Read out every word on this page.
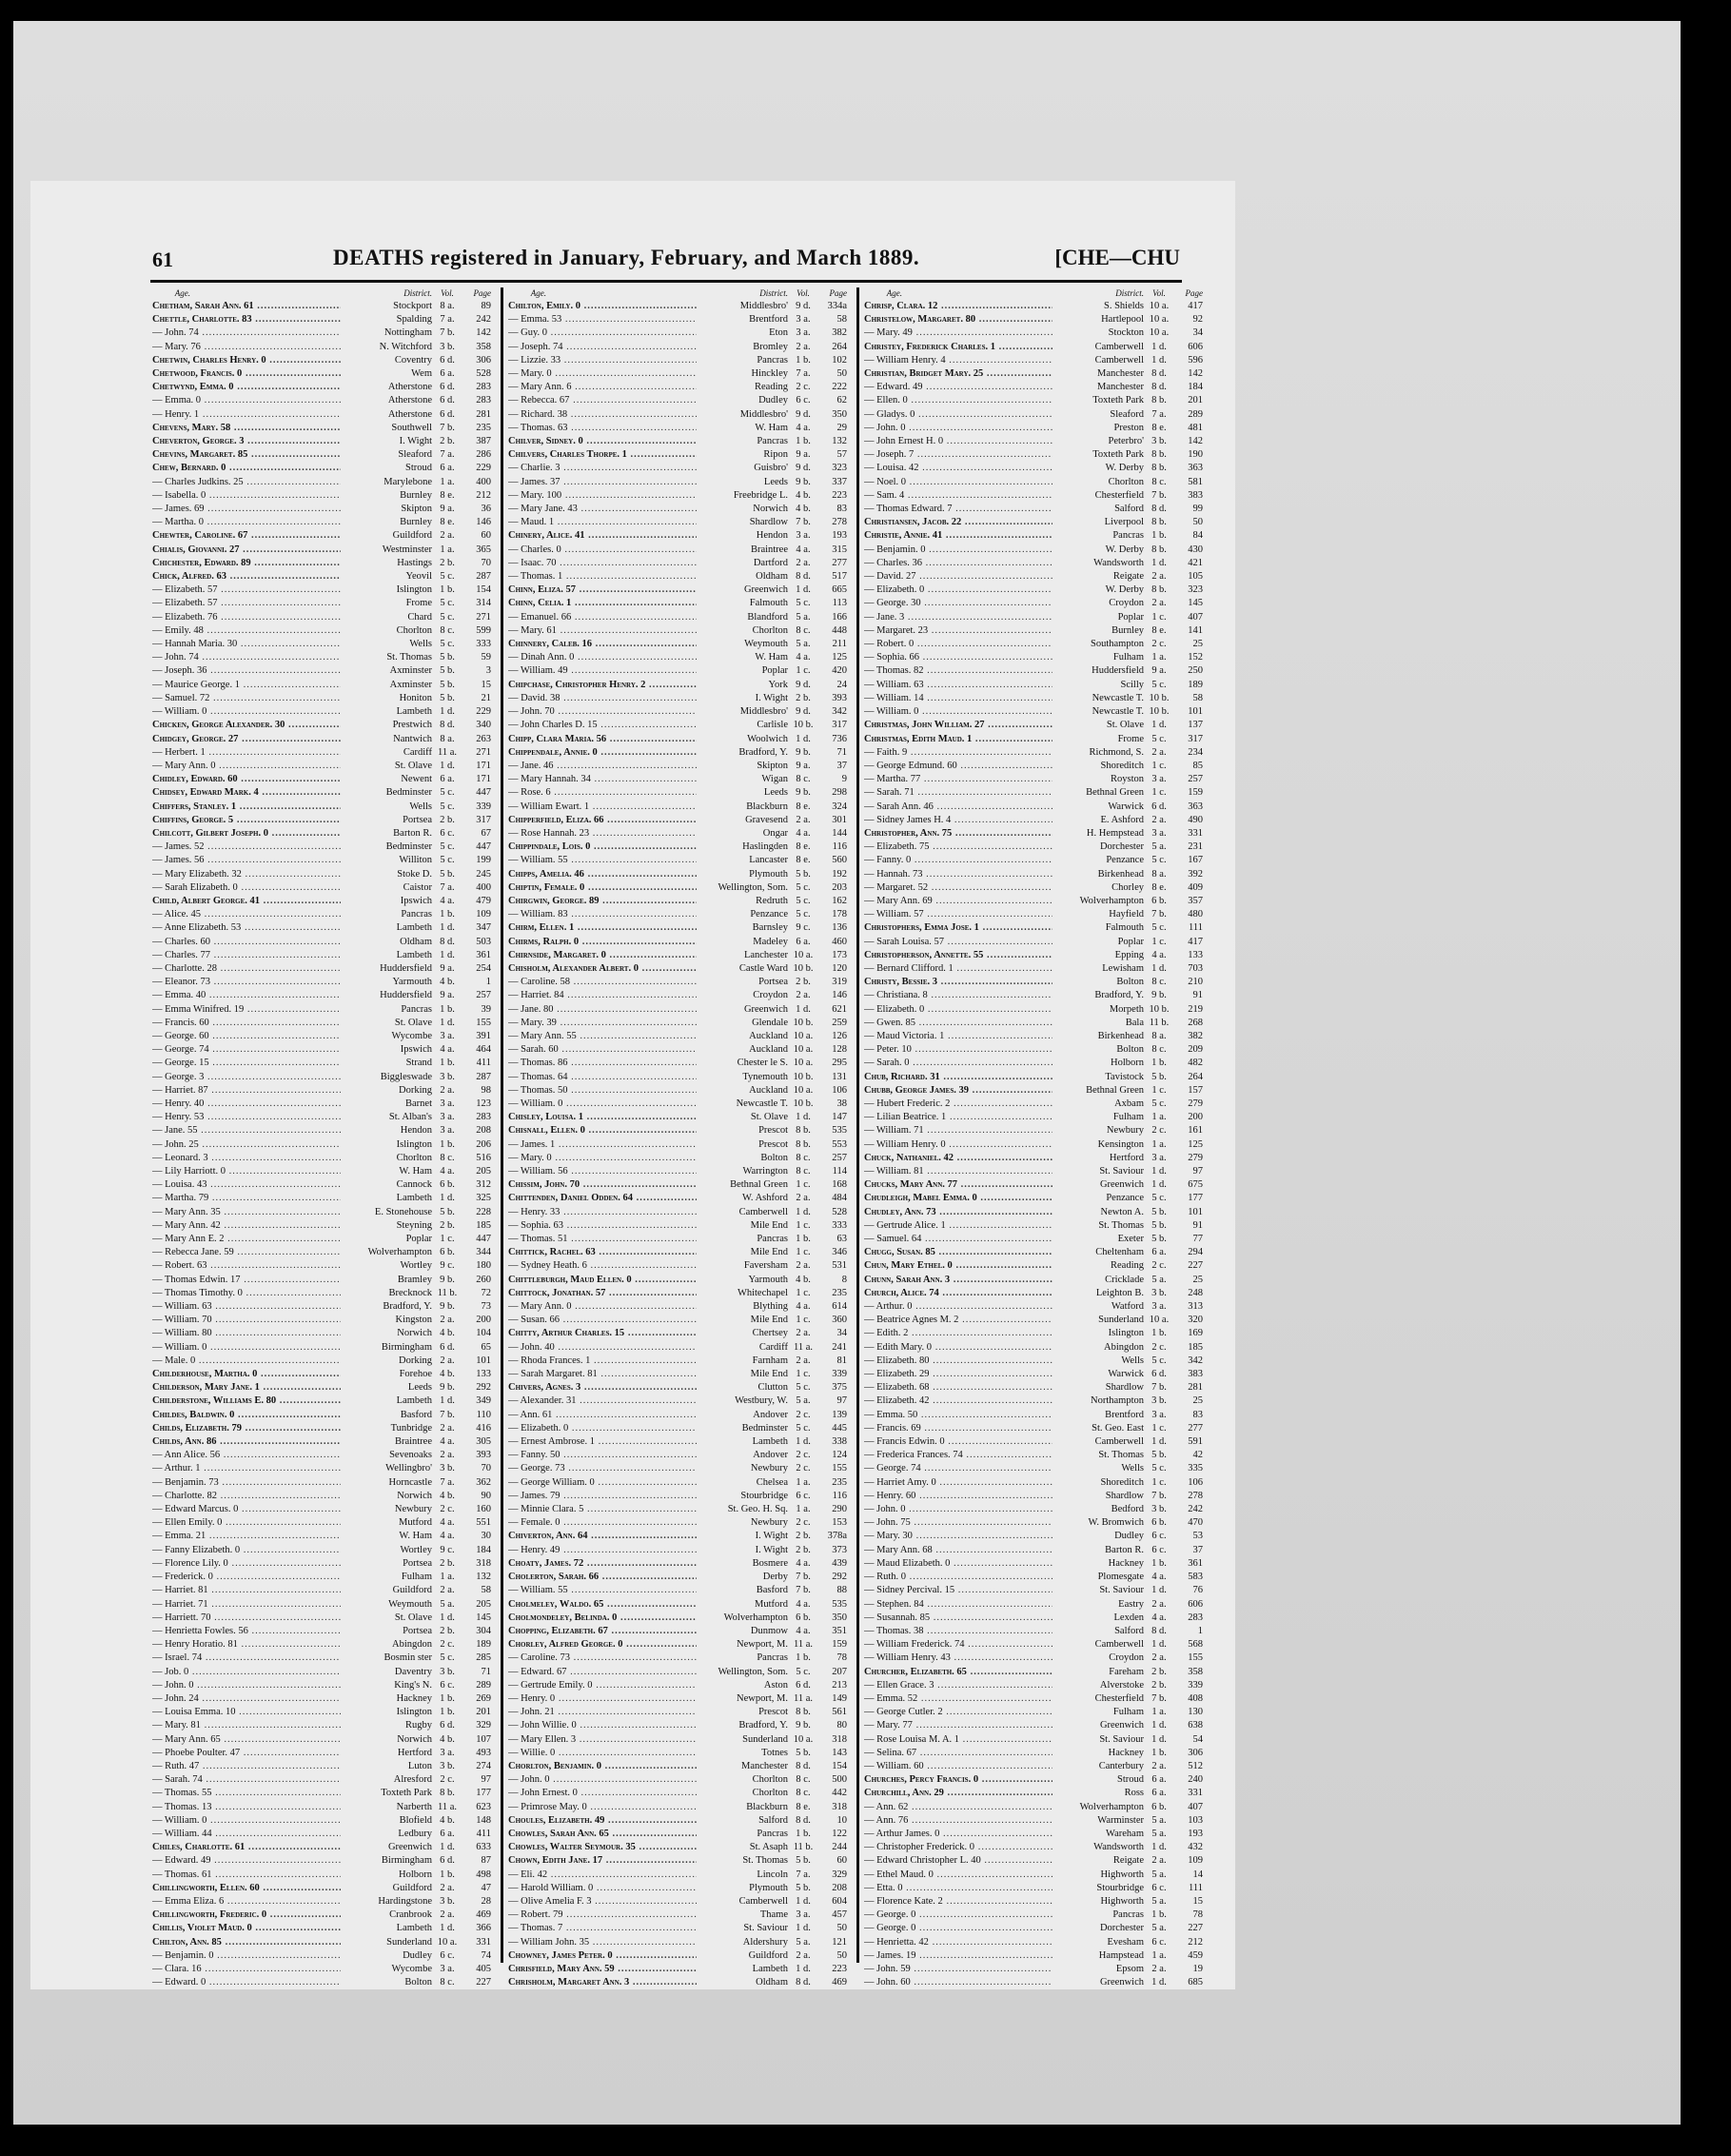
61	DEATHS registered in January, February, and March 1889.	[CHE—CHU
Age.	District.	Vol.	Page
Chetham, Sarah Ann. 61 .....	Stockport 8 a.	89
Chettle, Charlotte. 83 .....	Spalding 7 a.	242
— John. 74 .....	Nottingham 7 b.	142
— Mary. 76 .....	N. Witchford 3 b.	358
Chetwin, Charles Henry. 0 .....	Coventry 6 d.	306
Chetwood, Francis. 0 .....	Wem 6 a.	528
Chetwynd, Emma. 0 .....	Atherstone 6 d.	283
— Emma. 0 .....	Atherstone 6 d.	283
— Henry. 1 .....	Atherstone 6 d.	281
Chevens, Mary. 58 .....	Southwell 7 b.	235
Cheverton, George. 3 .....	I. Wight 2 b.	387
Chevins, Margaret. 85 .....	Sleaford 7 a.	286
Chew, Bernard. 0 .....	Stroud 6 a.	229
— Charles Judkins. 25 .....	Marylebone 1 a.	400
— Isabella. 0 .....	Burnley 8 e.	212
— James. 69 .....	Skipton 9 a.	36
— Martha. 0 .....	Burnley 8 e.	146
Chewter, Caroline. 67 .....	Guildford 2 a.	60
Chialis, Giovanni. 27 .....	Westminster 1 a.	365
Chichester, Edward. 89 .....	Hastings 2 b.	70
Chick, Alfred. 63 .....	Yeovil 5 c.	287
— Elizabeth. 57 .....	Islington 1 b.	154
— Elizabeth. 57 .....	Frome 5 c.	314
— Elizabeth. 76 .....	Chard 5 c.	271
— Emily. 48 .....	Chorlton 8 c.	599
— Hannah Maria. 30 .....	Wells 5 c.	333
— John. 74 .....	St. Thomas 5 b.	59
— Joseph. 36 .....	Axminster 5 b.	3
— Maurice George. 1 .....	Axminster 5 b.	15
— Samuel. 72 .....	Honiton 5 b.	21
— William. 0 .....	Lambeth 1 d.	229
Chicken, George Alexander. 30 .....	Prestwich 8 d.	340
Chidgey, George. 27 .....	Nantwich 8 a.	263
— Herbert. 1 .....	Cardiff 11 a.	271
— Mary Ann. 0 .....	St. Olave 1 d.	171
Chidley, Edward. 60 .....	Newent 6 a.	171
Chidsey, Edward Mark. 4 .....	Bedminster 5 c.	447
Chiffers, Stanley. 1 .....	Wells 5 c.	339
Chiffins, George. 5 .....	Portsea 2 b.	317
Chilcott, Gilbert Joseph. 0 .....	Barton R. 6 c.	67
— James. 52 .....	Bedminster 5 c.	447
— James. 56 .....	Williton 5 c.	199
— Mary Elizabeth. 32 .....	Stoke D. 5 b.	245
— Sarah Elizabeth. 0 .....	Caistor 7 a.	400
Child, Albert George. 41 .....	Ipswich 4 a.	479
— Alice. 45 .....	Pancras 1 b.	109
— Anne Elizabeth. 53 .....	Lambeth 1 d.	347
— Charles. 60 .....	Oldham 8 d.	503
— Charles. 77 .....	Lambeth 1 d.	361
— Charlotte. 28 .....	Huddersfield 9 a.	254
— Eleanor. 73 .....	Yarmouth 4 b.	1
— Emma. 40 .....	Huddersfield 9 a.	257
— Emma Winifred. 19 .....	Pancras 1 b.	39
— Francis. 60 .....	St. Olave 1 d.	155
— George. 60 .....	Wycombe 3 a.	391
— George. 74 .....	Ipswich 4 a.	464
— George. 15 .....	Strand 1 b.	411
— George. 3 .....	Biggleswade 3 b.	287
— Harriet. 87 .....	Dorking 2 a.	98
— Henry. 40 .....	Barnet 3 a.	123
— Henry. 53 .....	St. Alban's 3 a.	283
— Jane. 55 .....	Hendon 3 a.	208
— John. 25 .....	Islington 1 b.	206
— Leonard. 3 .....	Chorlton 8 c.	516
— Lily Harriott. 0 .....	W. Ham 4 a.	205
— Louisa. 43 .....	Cannock 6 b.	312
— Martha. 79 .....	Lambeth 1 d.	325
— Mary Ann. 35 .....	E. Stonehouse 5 b.	228
— Mary Ann. 42 .....	Steyning 2 b.	185
— Mary Ann E. 2 .....	Poplar 1 c.	447
— Rebecca Jane. 59 .....	Wolverhampton 6 b.	344
— Robert. 63 .....	Wortley 9 c.	180
— Thomas Edwin. 17 .....	Bramley 9 b.	260
— Thomas Timothy. 0 .....	Brecknock 11 b.	72
— William. 63 .....	Bradford, Y. 9 b.	73
— William. 70 .....	Kingston 2 a.	200
— William. 80 .....	Norwich 4 b.	104
— William. 0 .....	Birmingham 6 d.	65
— Male. 0 .....	Dorking 2 a.	101
Childerhouse, Martha. 0 .....	Forehoe 4 b.	133
Childerson, Mary Jane. 1 .....	Leeds 9 b.	292
Childerstone, Williams E. 80 .....	Lambeth 1 d.	349
Childes, Baldwin. 0 .....	Basford 7 b.	110
Childs, Elizabeth. 79 .....	Tunbridge 2 a.	416
Childs, Ann. 86 .....	Braintree 4 a.	305
— Ann Alice. 56 .....	Sevenoaks 2 a.	393
— Arthur. 1 .....	Wellingbro' 3 b.	70
— Benjamin. 73 .....	Horncastle 7 a.	362
— Charlotte. 82 .....	Norwich 4 b.	90
— Edward Marcus. 0 .....	Newbury 2 c.	160
— Ellen Emily. 0 .....	Mutford 4 a.	551
— Emma. 21 .....	W. Ham 4 a.	30
— Fanny Elizabeth. 0 .....	Wortley 9 c.	184
— Florence Lily. 0 .....	Portsea 2 b.	318
— Frederick. 0 .....	Fulham 1 a.	132
— Harriet. 81 .....	Guildford 2 a.	58
— Harriet. 71 .....	Weymouth 5 a.	205
— Harriett. 70 .....	St. Olave 1 d.	145
— Henrietta Fowles. 56 .....	Portsea 2 b.	304
— Henry Horatio. 81 .....	Abingdon 2 c.	189
— Israel. 74 .....	Bosmin ster 5 c.	285
— Job. 0 .....	Daventry 3 b.	71
— John. 0 .....	King's N. 6 c.	289
— John. 24 .....	Hackney 1 b.	269
— Louisa Emma. 10 .....	Islington 1 b.	201
— Mary. 81 .....	Rugby 6 d.	329
— Mary Ann. 65 .....	Norwich 4 b.	107
— Phoebe Poulter. 47 .....	Hertford 3 a.	493
— Ruth. 47 .....	Luton 3 b.	274
— Sarah. 74 .....	Alresford 2 c.	97
— Thomas. 55 .....	Toxteth Park 8 b.	177
— Thomas. 13 .....	Narberth 11 a.	623
— William. 0 .....	Blofield 4 b.	148
— William. 44 .....	Ledbury 6 a.	411
Chiles, Charlotte. 61 .....	Greenwich 1 d.	633
— Edward. 49 .....	Birmingham 6 d.	87
— Thomas. 61 .....	Holborn 1 b.	498
Chillingworth, Ellen. 60 .....	Guildford 2 a.	47
— Emma Eliza. 6 .....	Hardingstone 3 b.	28
Chillingworth, Frederic. 0 .....	Cranbrook 2 a.	469
Chillis, Violet Maud. 0 .....	Lambeth 1 d.	366
Chilton, Ann. 85 .....	Sunderland 10 a.	331
— Benjamin. 0 .....	Dudley 6 c.	74
— Clara. 16 .....	Wycombe 3 a.	405
— Edward. 0 .....	Bolton 8 c.	227
Age.	District.	Vol.	Page
Chilton, Emily. 0 .....	Middlesbro' 9 d.	334a
— Emma. 53 .....	Brentford 3 a.	58
— Guy. 0 .....	Eton 3 a.	382
— Joseph. 74 .....	Bromley 2 a.	264
— Lizzie. 33 .....	Pancras 1 b.	102
— Mary. 0 .....	Hinckley 7 a.	50
— Mary Ann. 6 .....	Reading 2 c.	222
— Rebecca. 67 .....	Dudley 6 c.	62
— Richard. 38 .....	Middlesbro' 9 d.	350
— Thomas. 63 .....	W. Ham 4 a.	29
Chilver, Sidney. 0 .....	Pancras 1 b.	132
Chilvers, Charles Thorpe. 1 .....	Ripon 9 a.	57
— Charlie. 3 .....	Guisbro' 9 d.	323
— James. 37 .....	Leeds 9 b.	337
— Mary. 100 .....	Freebridge L. 4 b.	223
— Mary Jane. 43 .....	Norwich 4 b.	83
— Maud. 1 .....	Shardlow 7 b.	278
Chinery, Alice. 41 .....	Hendon 3 a.	193
— Charles. 0 .....	Braintree 4 a.	315
— Isaac. 70 .....	Dartford 2 a.	277
— Thomas. 1 .....	Oldham 8 d.	517
Chinn, Eliza. 57 .....	Greenwich 1 d.	665
Chinn, Celia. 1 .....	Falmouth 5 c.	113
— Emanuel. 66 .....	Blandford 5 a.	166
— Mary. 61 .....	Chorlton 8 c.	448
Chinnery, Caleb. 16 .....	Weymouth 5 a.	211
— Dinah Ann. 0 .....	W. Ham 4 a.	125
— William. 49 .....	Poplar 1 c.	420
Chipchase, Christopher Henry. 2 .....	York 9 d.	24
— David. 38 .....	I. Wight 2 b.	393
— John. 70 .....	Middlesbro' 9 d.	342
— John Charles D. 15 .....	Carlisle 10 b.	317
Chipp, Clara Maria. 56 .....	Woolwich 1 d.	736
Chippendale, Annie. 0 .....	Bradford, Y. 9 b.	71
— Jane. 46 .....	Skipton 9 a.	37
— Mary Hannah. 34 .....	Wigan 8 c.	9
— Rose. 6 .....	Leeds 9 b.	298
— William Ewart. 1 .....	Blackburn 8 e.	324
Chipperfield, Eliza. 66 .....	Gravesend 2 a.	301
— Rose Hannah. 23 .....	Ongar 4 a.	144
Chippindale, Lois. 0 .....	Haslingden 8 e.	116
— William. 55 .....	Lancaster 8 e.	560
Chipps, Amelia. 46 .....	Plymouth 5 b.	192
Chiptin, Female. 0 .....	Wellington, Som. 5 c.	203
Chirgwin, George. 89 .....	Redruth 5 c.	162
— William. 83 .....	Penzance 5 c.	178
Chirm, Ellen. 1 .....	Barnsley 9 c.	136
Chirms, Ralph. 0 .....	Madeley 6 a.	460
Chirnside, Margaret. 0 .....	Lanchester 10 a.	173
Chisholm, Alexander Albert. 0 .....	Castle Ward 10 b.	120
— Caroline. 58 .....	Portsea 2 b.	319
— Harriet. 84 .....	Croydon 2 a.	146
— Jane. 80 .....	Greenwich 1 d.	621
— Mary. 39 .....	Glendale 10 b.	259
— Mary Ann. 55 .....	Auckland 10 a.	126
— Sarah. 60 .....	Auckland 10 a.	128
— Thomas. 86 .....	Chester le S. 10 a.	295
— Thomas. 64 .....	Tynemouth 10 b.	131
— Thomas. 50 .....	Auckland 10 a.	106
— William. 0 .....	Newcastle T. 10 b.	38
Chisley, Louisa. 1 .....	St. Olave 1 d.	147
Chisnall, Ellen. 0 .....	Prescot 8 b.	535
— James. 1 .....	Prescot 8 b.	553
— Mary. 0 .....	Bolton 8 c.	257
— William. 56 .....	Warrington 8 c.	114
Chissim, John. 70 .....	Bethnal Green 1 c.	168
Chittenden, Daniel Odden. 64 .....	W. Ashford 2 a.	484
— Henry. 33 .....	Camberwell 1 d.	528
— Sophia. 63 .....	Mile End 1 c.	333
— Thomas. 51 .....	Pancras 1 b.	63
Chittick, Rachel. 63 .....	Mile End 1 c.	346
— Sydney Heath. 6 .....	Faversham 2 a.	531
Chittleburgh, Maud Ellen. 0 .....	Yarmouth 4 b.	8
Chittock, Jonathan. 57 .....	Whitechapel 1 c.	235
— Mary Ann. 0 .....	Blything 4 a.	614
— Susan. 66 .....	Mile End 1 c.	360
Chitty, Arthur Charles. 15 .....	Chertsey 2 a.	34
— John. 40 .....	Cardiff 11 a.	241
— Rhoda Frances. 1 .....	Farnham 2 a.	81
— Sarah Margaret. 81 .....	Mile End 1 c.	339
Chivers, Agnes. 3 .....	Clutton 5 c.	375
— Alexander. 31 .....	Westbury, W. 5 a.	97
— Ann. 61 .....	Andover 2 c.	139
— Elizabeth. 0 .....	Bedminster 5 c.	445
— Ernest Ambrose. 1 .....	Lambeth 1 d.	338
— Fanny. 50 .....	Andover 2 c.	124
— George. 73 .....	Newbury 2 c.	155
— George William. 0 .....	Chelsea 1 a.	235
— James. 79 .....	Stourbridge 6 c.	116
— Minnie Clara. 5 .....	St. Geo. H. Sq. 1 a.	290
— Female. 0 .....	Newbury 2 c.	153
Chiverton, Ann. 64 .....	I. Wight 2 b.	378a
— Henry. 49 .....	I. Wight 2 b.	373
Choaty, James. 72 .....	Bosmere 4 a.	439
Cholerton, Sarah. 66 .....	Derby 7 b.	292
— William. 55 .....	Basford 7 b.	88
Cholmeley, Waldo. 65 .....	Mutford 4 a.	535
Cholmondeley, Belinda. 0 .....	Wolverhampton 6 b.	350
Chopping, Elizabeth. 67 .....	Dunmow 4 a.	351
Chorley, Alfred George. 0 .....	Newport, M. 11 a.	159
— Caroline. 73 .....	Pancras 1 b.	78
— Edward. 67 .....	Wellington, Som. 5 c.	207
— Gertrude Emily. 0 .....	Aston 6 d.	213
— Henry. 0 .....	Newport, M. 11 a.	149
— John. 21 .....	Prescot 8 b.	561
— John Willie. 0 .....	Bradford, Y. 9 b.	80
— Mary Ellen. 3 .....	Sunderland 10 a.	318
— Willie. 0 .....	Totnes 5 b.	143
Chorlton, Benjamin. 0 .....	Manchester 8 d.	154
— John. 0 .....	Chorlton 8 c.	500
— John Ernest. 0 .....	Chorlton 8 c.	442
— Primrose May. 0 .....	Blackburn 8 e.	318
Choules, Elizabeth. 49 .....	Salford 8 d.	10
Chowles, Sarah Ann. 65 .....	Pancras 1 b.	122
Chowles, Walter Seymour. 35 .....	St. Asaph 11 b.	244
Chown, Edith Jane. 17 .....	St. Thomas 5 b.	60
— Eli. 42 .....	Lincoln 7 a.	329
— Harold William. 0 .....	Plymouth 5 b.	208
— Olive Amelia F. 3 .....	Camberwell 1 d.	604
— Robert. 79 .....	Thame 3 a.	457
— Thomas. 7 .....	St. Saviour 1 d.	50
— William John. 35 .....	Aldershury 5 a.	121
Chowney, James Peter. 0 .....	Guildford 2 a.	50
Chrisfield, Mary Ann. 59 .....	Lambeth 1 d.	223
Chrisholm, Margaret Ann. 3 .....	Oldham 8 d.	469
Age.	District.	Vol.	Page
Chrisp, Clara. 12 .....	S. Shields 10 a.	417
Christelow, Margaret. 80 .....	Hartlepool 10 a.	92
— Mary. 49 .....	Stockton 10 a.	34
Christey, Frederick Charles. 1 .....	Camberwell 1 d.	606
— William Henry. 4 .....	Camberwell 1 d.	596
Christian, Bridget Mary. 25 .....	Manchester 8 d.	142
— Edward. 49 .....	Manchester 8 d.	184
— Ellen. 0 .....	Toxteth Park 8 b.	201
— Gladys. 0 .....	Sleaford 7 a.	289
— John. 0 .....	Preston 8 e.	481
— John Ernest H. 0 .....	Peterbro' 3 b.	142
— Joseph. 7 .....	Toxteth Park 8 b.	190
— Louisa. 42 .....	W. Derby 8 b.	363
— Noel. 0 .....	Chorlton 8 c.	581
— Sam. 4 .....	Chesterfield 7 b.	383
— Thomas Edward. 7 .....	Salford 8 d.	99
Christiansen, Jacob. 22 .....	Liverpool 8 b.	50
Christie, Annie. 41 .....	Pancras 1 b.	84
— Benjamin. 0 .....	W. Derby 8 b.	430
— Charles. 36 .....	Wandsworth 1 d.	421
— David. 27 .....	Reigate 2 a.	105
— Elizabeth. 0 .....	W. Derby 8 b.	323
— George. 30 .....	Croydon 2 a.	145
— Jane. 3 .....	Poplar 1 c.	407
— Margaret. 23 .....	Burnley 8 e.	141
— Robert. 0 .....	Southampton 2 c.	25
— Sophia. 66 .....	Fulham 1 a.	152
— Thomas. 82 .....	Huddersfield 9 a.	250
— William. 63 .....	Scilly 5 c.	189
— William. 14 .....	Newcastle T. 10 b.	58
— William. 0 .....	Newcastle T. 10 b.	101
Christmas, John William. 27 .....	St. Olave 1 d.	137
Christmas, Edith Maud. 1 .....	Frome 5 c.	317
— Faith. 9 .....	Richmond, S. 2 a.	234
— George Edmund. 60 .....	Shoreditch 1 c.	85
— Martha. 77 .....	Royston 3 a.	257
— Sarah. 71 .....	Bethnal Green 1 c.	159
— Sarah Ann. 46 .....	Warwick 6 d.	363
— Sidney James H. 4 .....	E. Ashford 2 a.	490
Christopher, Ann. 75 .....	H. Hempstead 3 a.	331
— Elizabeth. 75 .....	Dorchester 5 a.	231
— Fanny. 0 .....	Penzance 5 c.	167
— Hannah. 73 .....	Birkenhead 8 a.	392
— Margaret. 52 .....	Chorley 8 e.	409
— Mary Ann. 69 .....	Wolverhampton 6 b.	357
— William. 57 .....	Hayfield 7 b.	480
Christophers, Emma Jose. 1 .....	Falmouth 5 c.	111
— Sarah Louisa. 57 .....	Poplar 1 c.	417
Christopherson, Annette. 55 .....	Epping 4 a.	133
— Bernard Clifford. 1 .....	Lewisham 1 d.	703
Christy, Bessie. 3 .....	Bolton 8 c.	210
— Christiana. 8 .....	Bradford, Y. 9 b.	91
— Elizabeth. 0 .....	Morpeth 10 b.	219
— Gwen. 85 .....	Bala 11 b.	268
— Maud Victoria. 1 .....	Birkenhead 8 a.	382
— Peter. 10 .....	Bolton 8 c.	209
— Sarah. 0 .....	Holborn 1 b.	482
Chub, Richard. 31 .....	Tavistock 5 b.	264
Chubb, George James. 39 .....	Bethnal Green 1 c.	157
— Hubert Frederic. 2 .....	Axbam 5 c.	279
— Lilian Beatrice. 1 .....	Fulham 1 a.	200
— William. 71 .....	Newbury 2 c.	161
— William Henry. 0 .....	Kensington 1 a.	125
Chuck, Nathaniel. 42 .....	Hertford 3 a.	279
— William. 81 .....	St. Saviour 1 d.	97
Chucks, Mary Ann. 77 .....	Greenwich 1 d.	675
Chudleigh, Mabel Emma. 0 .....	Penzance 5 c.	177
Chudley, Ann. 73 .....	Newton A. 5 b.	101
— Gertrude Alice. 1 .....	St. Thomas 5 b.	91
— Samuel. 64 .....	Exeter 5 b.	77
Chugg, Susan. 85 .....	Cheltenham 6 a.	294
Chun, Mary Ethel. 0 .....	Reading 2 c.	227
Chunn, Sarah Ann. 3 .....	Cricklade 5 a.	25
Church, Alice. 74 .....	Leighton B. 3 b.	248
— Arthur. 0 .....	Watford 3 a.	313
— Beatrice Agnes M. 2 .....	Sunderland 10 a.	320
— Edith. 2 .....	Islington 1 b.	169
— Edith Mary. 0 .....	Abingdon 2 c.	185
— Elizabeth. 80 .....	Wells 5 c.	342
— Elizabeth. 29 .....	Warwick 6 d.	383
— Elizabeth. 68 .....	Shardlow 7 b.	281
— Elizabeth. 42 .....	Northampton 3 b.	25
— Emma. 50 .....	Brentford 3 a.	83
— Francis. 69 .....	St. Geo. East 1 c.	277
— Francis Edwin. 0 .....	Camberwell 1 d.	591
— Frederica Frances. 74 .....	St. Thomas 5 b.	42
— George. 74 .....	Wells 5 c.	335
— Harriet Amy. 0 .....	Shoreditch 1 c.	106
— Henry. 60 .....	Shardlow 7 b.	278
— John. 0 .....	Bedford 3 b.	242
— John. 75 .....	W. Bromwich 6 b.	470
— Mary. 30 .....	Dudley 6 c.	53
— Mary Ann. 68 .....	Barton R. 6 c.	37
— Maud Elizabeth. 0 .....	Hackney 1 b.	361
— Ruth. 0 .....	Plomesgate 4 a.	583
— Sidney Percival. 15 .....	St. Saviour 1 d.	76
— Stephen. 84 .....	Eastry 2 a.	606
— Susannah. 85 .....	Lexden 4 a.	283
— Thomas. 38 .....	Salford 8 d.	1
— William Frederick. 74 .....	Camberwell 1 d.	568
— William Henry. 43 .....	Croydon 2 a.	155
Churcher, Elizabeth. 65 .....	Fareham 2 b.	358
— Ellen Grace. 3 .....	Alverstoke 2 b.	339
— Emma. 52 .....	Chesterfield 7 b.	408
— George Cutler. 2 .....	Fulham 1 a.	130
— Mary. 77 .....	Greenwich 1 d.	638
— Rose Louisa M. A. 1 .....	St. Saviour 1 d.	54
— Selina. 67 .....	Hackney 1 b.	306
— William. 60 .....	Canterbury 2 a.	512
Churches, Percy Francis. 0 .....	Stroud 6 a.	240
Churchill, Ann. 29 .....	Ross 6 a.	331
— Ann. 62 .....	Wolverhampton 6 b.	407
— Ann. 76 .....	Warminster 5 a.	103
— Arthur James. 0 .....	Wareham 5 a.	193
— Christopher Frederick. 0 .....	Wandsworth 1 d.	432
— Edward Christopher L. 40 .....	Reigate 2 a.	109
— Ethel Maud. 0 .....	Highworth 5 a.	14
— Etta. 0 .....	Stourbridge 6 c.	111
— Florence Kate. 2 .....	Highworth 5 a.	15
— George. 0 .....	Pancras 1 b.	78
— George. 0 .....	Dorchester 5 a.	227
— Henrietta. 42 .....	Evesham 6 c.	212
— James. 19 .....	Hampstead 1 a.	459
— John. 59 .....	Epsom 2 a.	19
— John. 60 .....	Greenwich 1 d.	685
